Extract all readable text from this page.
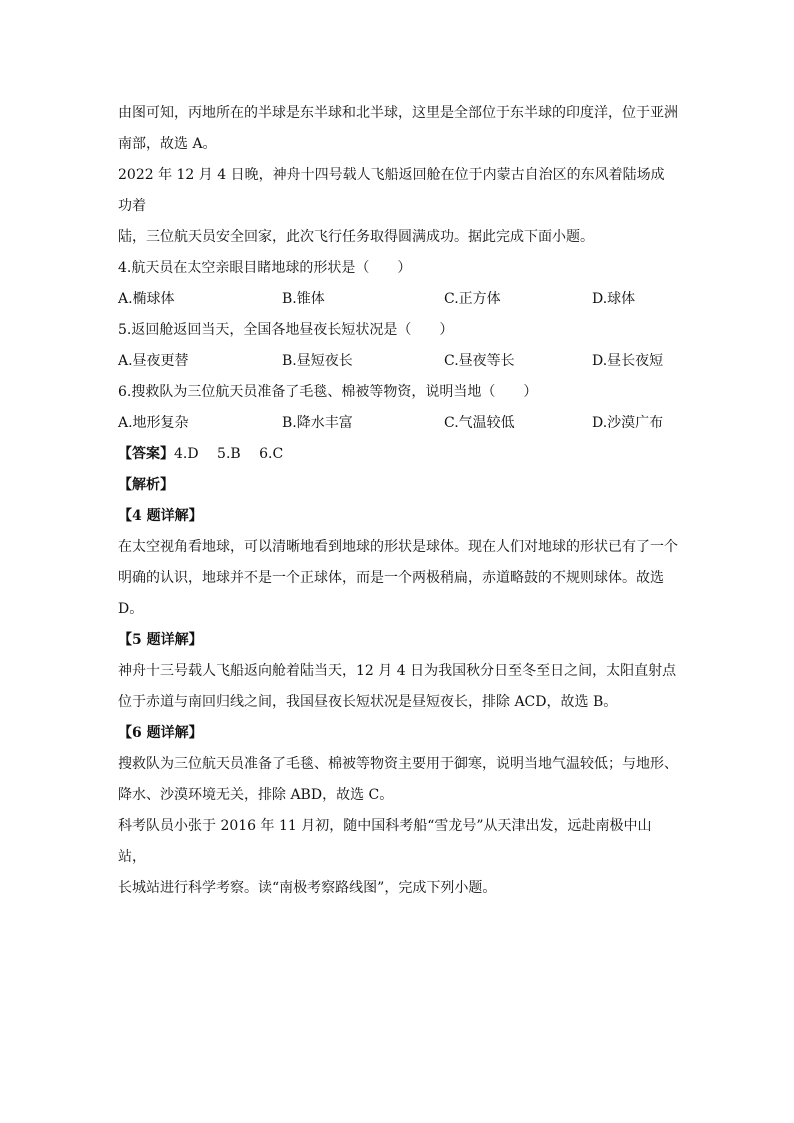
由图可知，丙地所在的半球是东半球和北半球，这里是全部位于东半球的印度洋，位于亚洲

南部，故选 A。

2022 年 12 月 4 日晚，神舟十四号载人飞船返回舱在位于内蒙古自治区的东风着陆场成功着

陆，三位航天员安全回家，此次飞行任务取得圆满成功。据此完成下面小题。

4.航天员在太空亲眼目睹地球的形状是（　　）

A.椭球体	B.锥体	C.正方体	D.球体

5.返回舱返回当天，全国各地昼夜长短状况是（　　）

A.昼夜更替	B.昼短夜长	C.昼夜等长	D.昼长夜短

6.搜救队为三位航天员准备了毛毯、棉被等物资，说明当地（　　）

A.地形复杂	B.降水丰富	C.气温较低	D.沙漠广布

【答案】4.D　 5.B　 6.C

【解析】

【4 题详解】

在太空视角看地球，可以清晰地看到地球的形状是球体。现在人们对地球的形状已有了一个

明确的认识，地球并不是一个正球体，而是一个两极稍扁，赤道略鼓的不规则球体。故选

D。

【5 题详解】

神舟十三号载人飞船返向舱着陆当天，12 月 4 日为我国秋分日至冬至日之间，太阳直射点

位于赤道与南回归线之间，我国昼夜长短状况是昼短夜长，排除 ACD，故选 B。

【6 题详解】

搜救队为三位航天员准备了毛毯、棉被等物资主要用于御寒，说明当地气温较低；与地形、

降水、沙漠环境无关，排除 ABD，故选 C。

科考队员小张于 2016 年 11 月初，随中国科考船“雪龙号”从天津出发，远赴南极中山站，

长城站进行科学考察。读“南极考察路线图”，完成下列小题。
